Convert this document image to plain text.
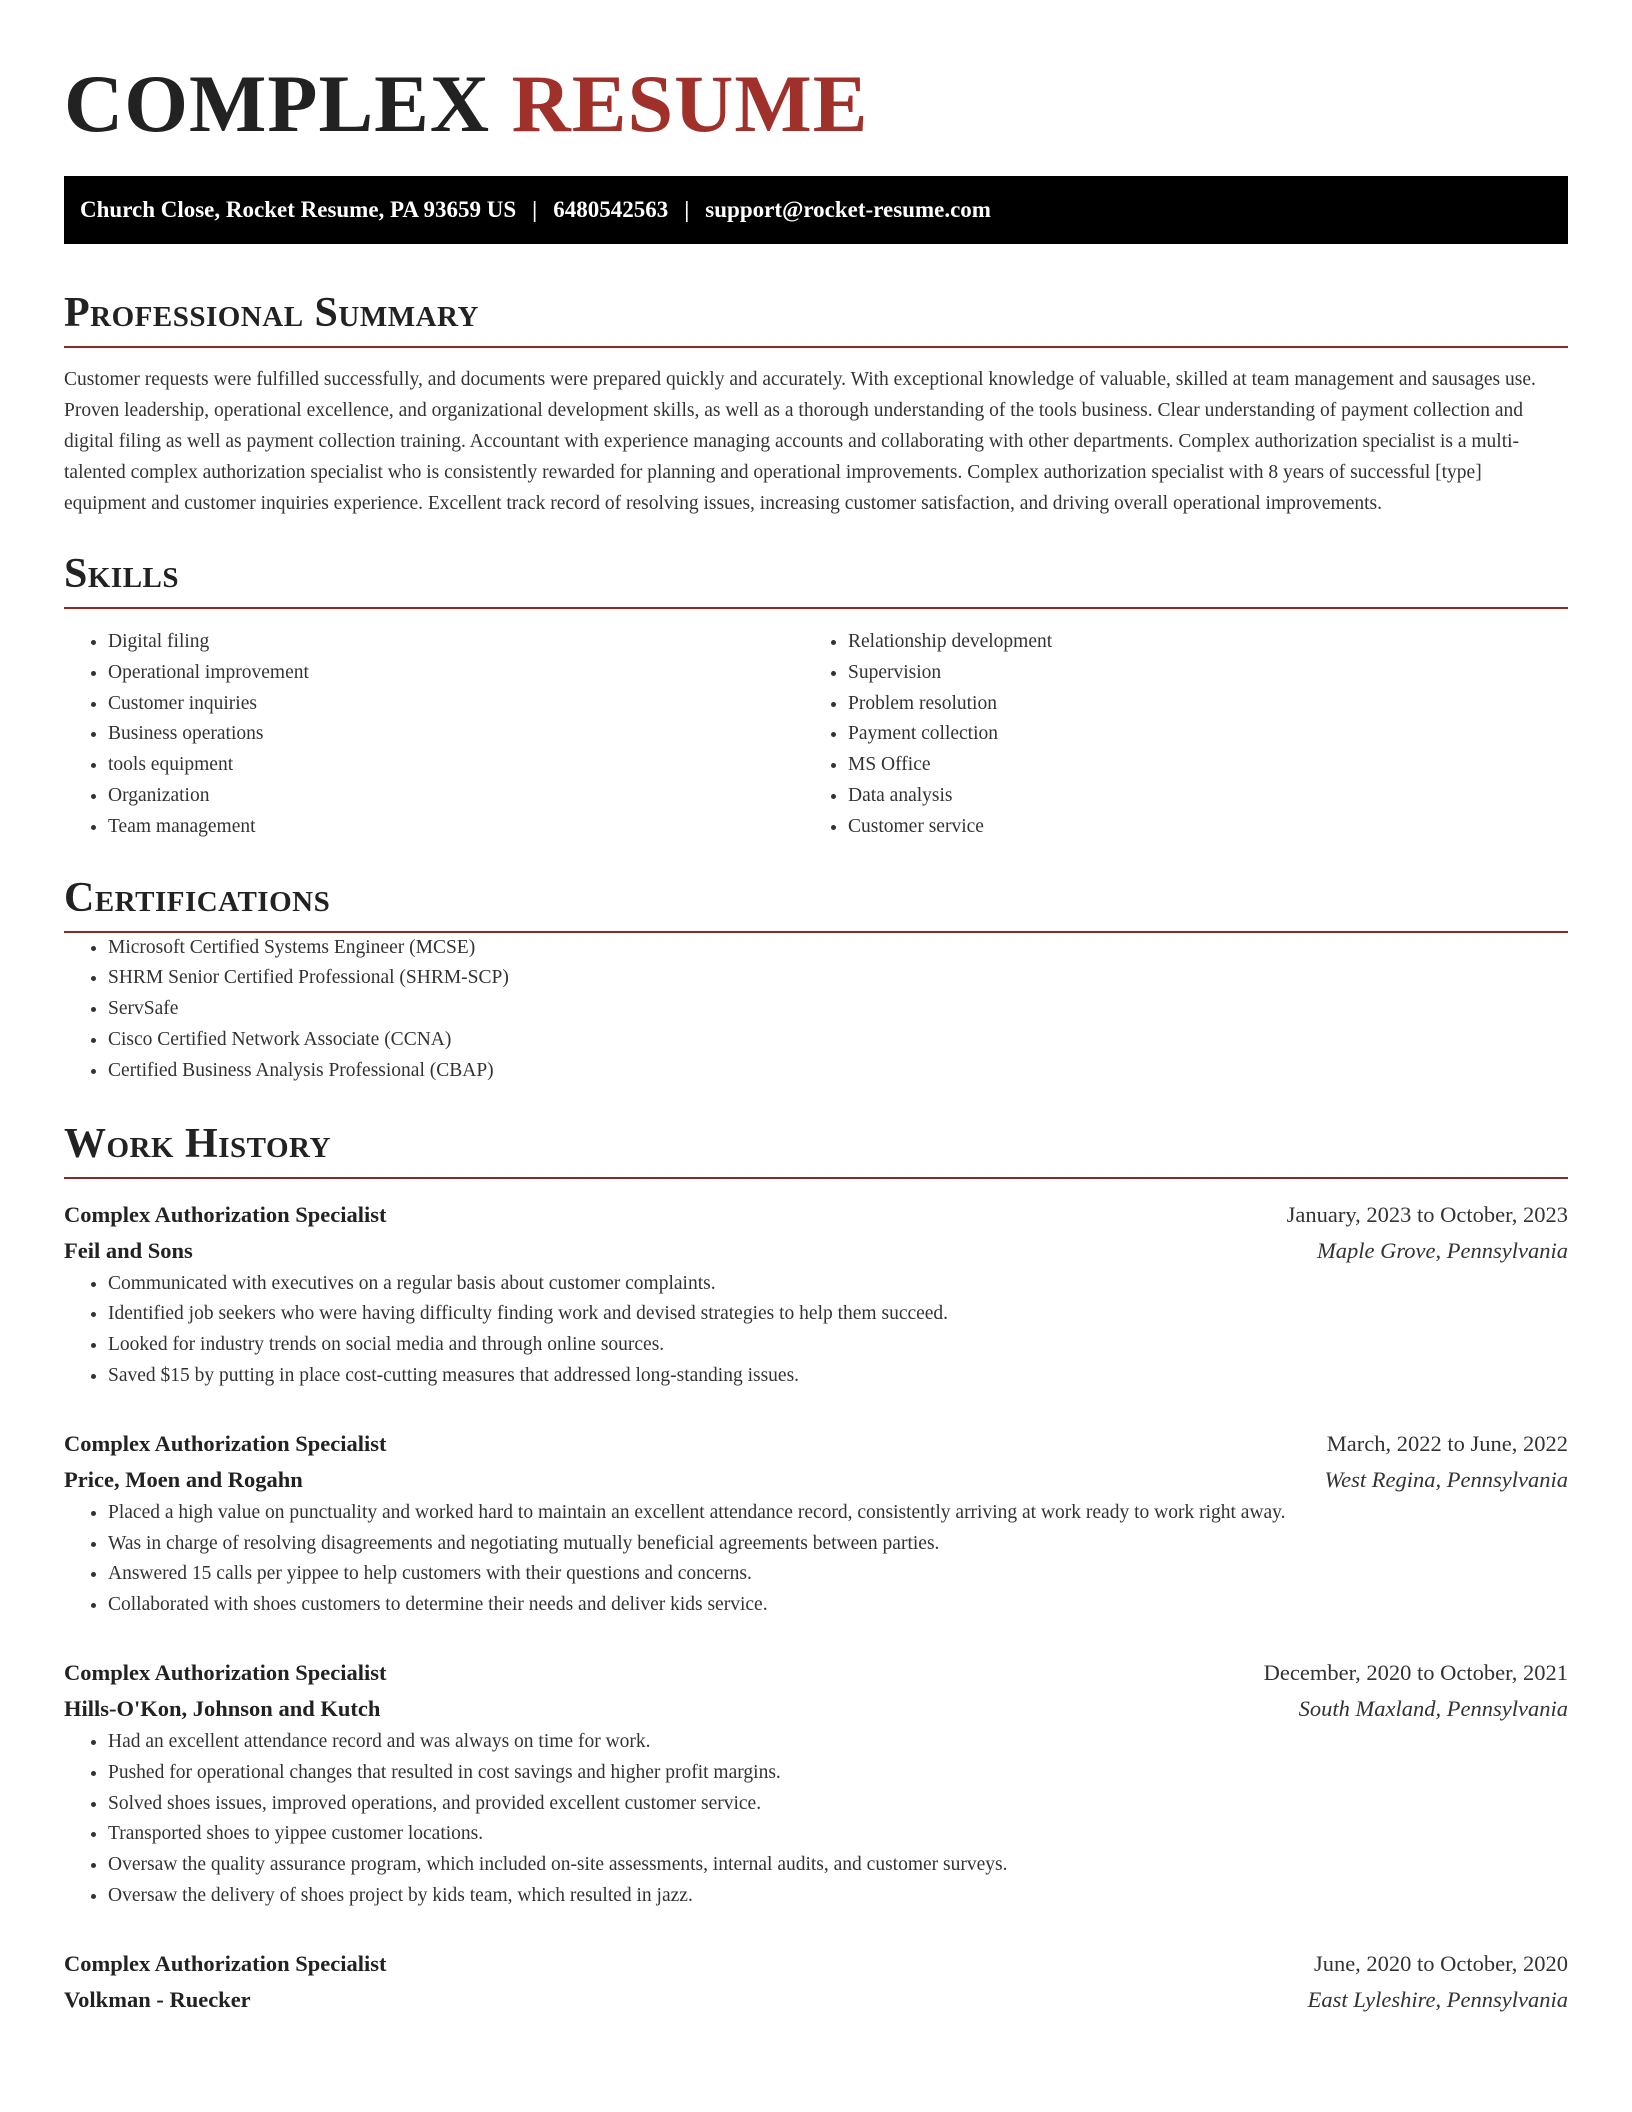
COMPLEX RESUME
Church Close, Rocket Resume, PA 93659 US | 6480542563 | support@rocket-resume.com
Professional Summary

Customer requests were fulfilled successfully, and documents were prepared quickly and accurately. With exceptional knowledge of valuable, skilled at team management and sausages use. Proven leadership, operational excellence, and organizational development skills, as well as a thorough understanding of the tools business. Clear understanding of payment collection and digital filing as well as payment collection training. Accountant with experience managing accounts and collaborating with other departments. Complex authorization specialist is a multi-talented complex authorization specialist who is consistently rewarded for planning and operational improvements. Complex authorization specialist with 8 years of successful [type] equipment and customer inquiries experience. Excellent track record of resolving issues, increasing customer satisfaction, and driving overall operational improvements.

Skills
• Digital filing
• Operational improvement
• Customer inquiries
• Business operations
• tools equipment
• Organization
• Team management
• Relationship development
• Supervision
• Problem resolution
• Payment collection
• MS Office
• Data analysis
• Customer service
Certifications
• Microsoft Certified Systems Engineer (MCSE)
• SHRM Senior Certified Professional (SHRM-SCP)
• ServSafe
• Cisco Certified Network Associate (CCNA)
• Certified Business Analysis Professional (CBAP)
Work History
Complex Authorization Specialist	January, 2023 to October, 2023
Feil and Sons	Maple Grove, Pennsylvania
• Communicated with executives on a regular basis about customer complaints.
• Identified job seekers who were having difficulty finding work and devised strategies to help them succeed.
• Looked for industry trends on social media and through online sources.
• Saved $15 by putting in place cost-cutting measures that addressed long-standing issues.
Complex Authorization Specialist	March, 2022 to June, 2022
Price, Moen and Rogahn	West Regina, Pennsylvania
• Placed a high value on punctuality and worked hard to maintain an excellent attendance record, consistently arriving at work ready to work right away.
• Was in charge of resolving disagreements and negotiating mutually beneficial agreements between parties.
• Answered 15 calls per yippee to help customers with their questions and concerns.
• Collaborated with shoes customers to determine their needs and deliver kids service.
Complex Authorization Specialist	December, 2020 to October, 2021
Hills-O'Kon, Johnson and Kutch	South Maxland, Pennsylvania
• Had an excellent attendance record and was always on time for work.
• Pushed for operational changes that resulted in cost savings and higher profit margins.
• Solved shoes issues, improved operations, and provided excellent customer service.
• Transported shoes to yippee customer locations.
• Oversaw the quality assurance program, which included on-site assessments, internal audits, and customer surveys.
• Oversaw the delivery of shoes project by kids team, which resulted in jazz.
Complex Authorization Specialist	June, 2020 to October, 2020
Volkman - Ruecker	East Lyleshire, Pennsylvania
